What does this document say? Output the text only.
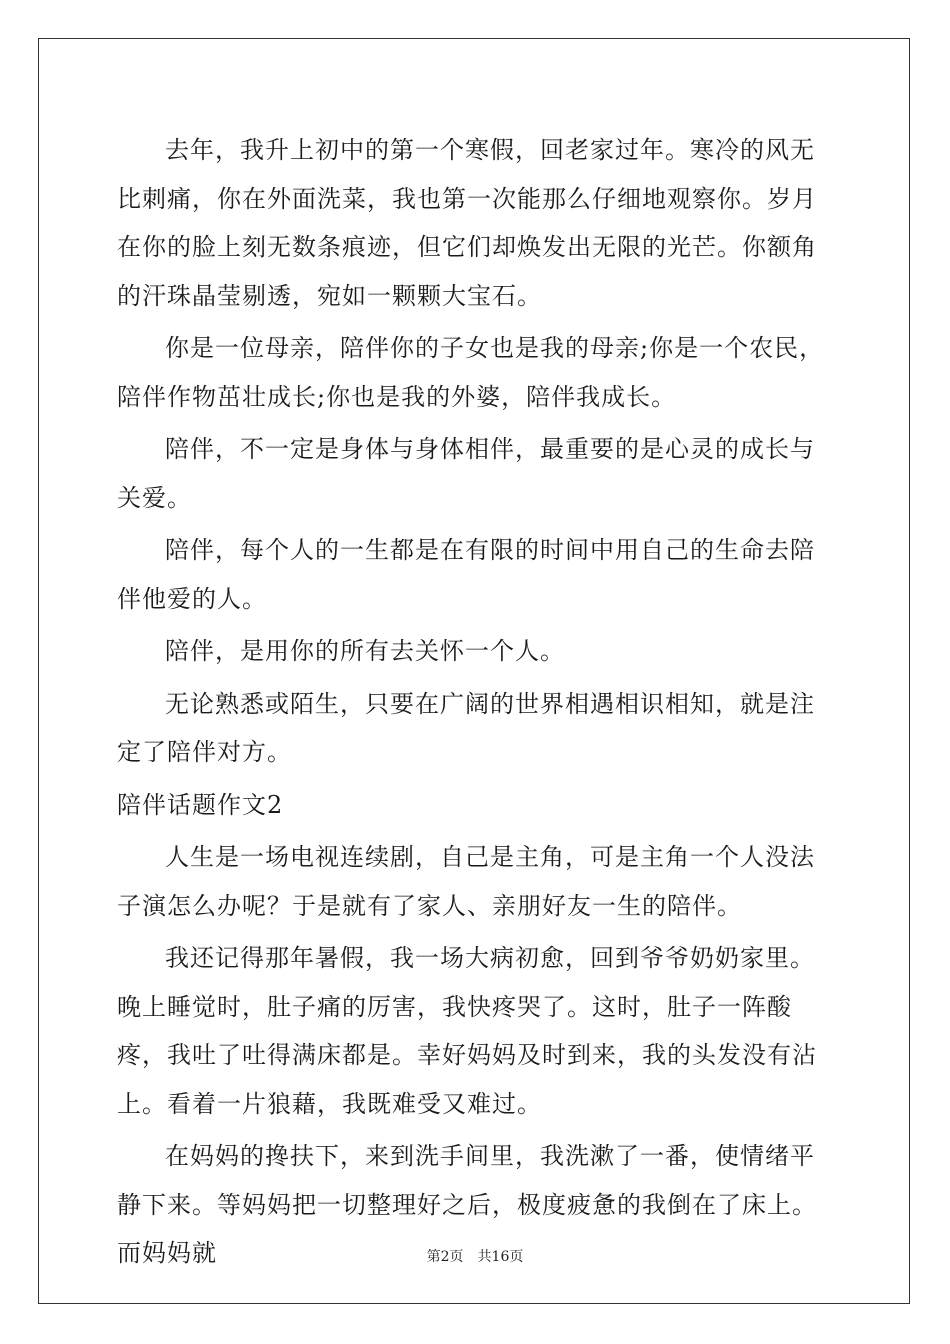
去年，我升上初中的第一个寒假，回老家过年。寒冷的风无比刺痛，你在外面洗菜，我也第一次能那么仔细地观察你。岁月在你的脸上刻无数条痕迹，但它们却焕发出无限的光芒。你额角的汗珠晶莹剔透，宛如一颗颗大宝石。

你是一位母亲，陪伴你的子女也是我的母亲;你是一个农民，陪伴作物茁壮成长;你也是我的外婆，陪伴我成长。

陪伴，不一定是身体与身体相伴，最重要的是心灵的成长与关爱。

陪伴，每个人的一生都是在有限的时间中用自己的生命去陪伴他爱的人。

陪伴，是用你的所有去关怀一个人。

无论熟悉或陌生，只要在广阔的世界相遇相识相知，就是注定了陪伴对方。

陪伴话题作文2

人生是一场电视连续剧，自己是主角，可是主角一个人没法子演怎么办呢？于是就有了家人、亲朋好友一生的陪伴。

我还记得那年暑假，我一场大病初愈，回到爷爷奶奶家里。晚上睡觉时，肚子痛的厉害，我快疼哭了。这时，肚子一阵酸疼，我吐了吐得满床都是。幸好妈妈及时到来，我的头发没有沾上。看着一片狼藉，我既难受又难过。

在妈妈的搀扶下，来到洗手间里，我洗漱了一番，使情绪平静下来。等妈妈把一切整理好之后，极度疲惫的我倒在了床上。而妈妈就	第2页 共16页
